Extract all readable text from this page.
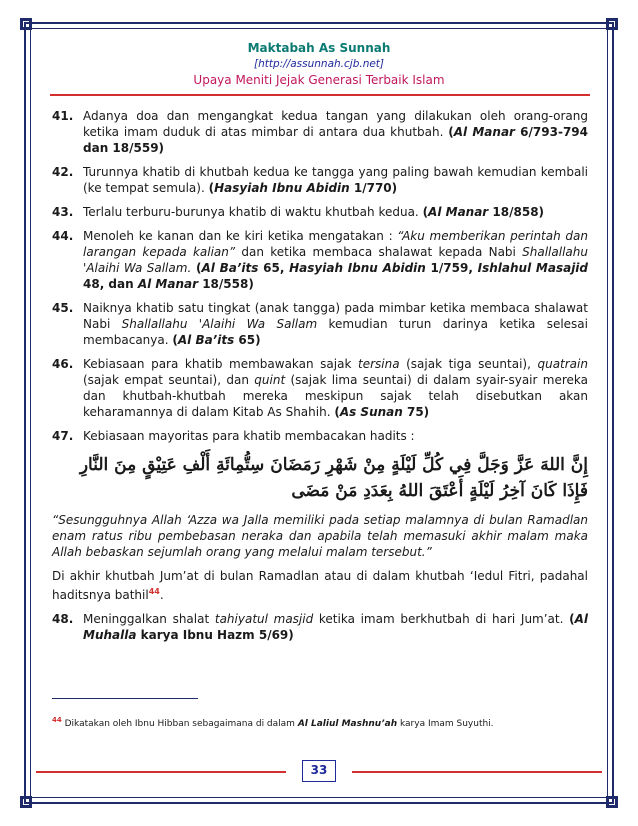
Maktabah As Sunnah
[http://assunnah.cjb.net]
Upaya Meniti Jejak Generasi Terbaik Islam
41. Adanya doa dan mengangkat kedua tangan yang dilakukan oleh orang-orang ketika imam duduk di atas mimbar di antara dua khutbah. (Al Manar 6/793-794 dan 18/559)
42. Turunnya khatib di khutbah kedua ke tangga yang paling bawah kemudian kembali (ke tempat semula). (Hasyiah Ibnu Abidin 1/770)
43. Terlalu terburu-burunya khatib di waktu khutbah kedua. (Al Manar 18/858)
44. Menoleh ke kanan dan ke kiri ketika mengatakan : “Aku memberikan perintah dan larangan kepada kalian” dan ketika membaca shalawat kepada Nabi Shallallahu 'Alaihi Wa Sallam. (Al Ba’its 65, Hasyiah Ibnu Abidin 1/759, Ishlahul Masajid 48, dan Al Manar 18/558)
45. Naiknya khatib satu tingkat (anak tangga) pada mimbar ketika membaca shalawat Nabi Shallallahu 'Alaihi Wa Sallam kemudian turun darinya ketika selesai membacanya. (Al Ba’its 65)
46. Kebiasaan para khatib membawakan sajak tersina (sajak tiga seuntai), quatrain (sajak empat seuntai), dan quint (sajak lima seuntai) di dalam syair-syair mereka dan khutbah-khutbah mereka meskipun sajak telah disebutkan akan keharamannya di dalam Kitab As Shahih. (As Sunan 75)
47. Kebiasaan mayoritas para khatib membacakan hadits :
ﺇِﻥَّ ﺍﻟﻠﻪَ ﻋَﺰَّ ﻭَﺟَﻞَّ ﻓِﻲ ﻛُﻞِّ ﻟَﻴْﻠَﺔٍ ﻣِﻦْ ﺷَﻬْﺮِ ﺭَﻣَﻀَﺎﻥَ ﺳِﺘُّﻤِﺎﺋَﺔِ ﺃَﻟْﻒِ ﻋَﺘِﻴْﻖٍ ﻣِﻦَ ﺍﻟﻨَّﺎﺭِ ﻓَﺈِﺫَﺍ ﻛَﺎﻥَ ﺁﺧِﺮُ ﻟَﻴْﻠَﺔٍ ﺃَﻋْﺘَﻖَ ﺍﻟﻠﻪُ ﺑِﻌَﺪَﺩِ ﻣَﻦْ ﻣَﻀَﻰ
“Sesungguhnya Allah ‘Azza wa Jalla memiliki pada setiap malamnya di bulan Ramadlan enam ratus ribu pembebasan neraka dan apabila telah memasuki akhir malam maka Allah bebaskan sejumlah orang yang melalui malam tersebut.”
Di akhir khutbah Jum’at di bulan Ramadlan atau di dalam khutbah ‘Iedul Fitri, padahal haditsnya bathil$^{44}$.
48. Meninggalkan shalat tahiyatul masjid ketika imam berkhutbah di hari Jum’at. (Al Muhalla karya Ibnu Hazm 5/69)
$^{44}$ Dikatakan oleh Ibnu Hibban sebagaimana di dalam Al Laliul Mashnu’ah karya Imam Suyuthi.
33
